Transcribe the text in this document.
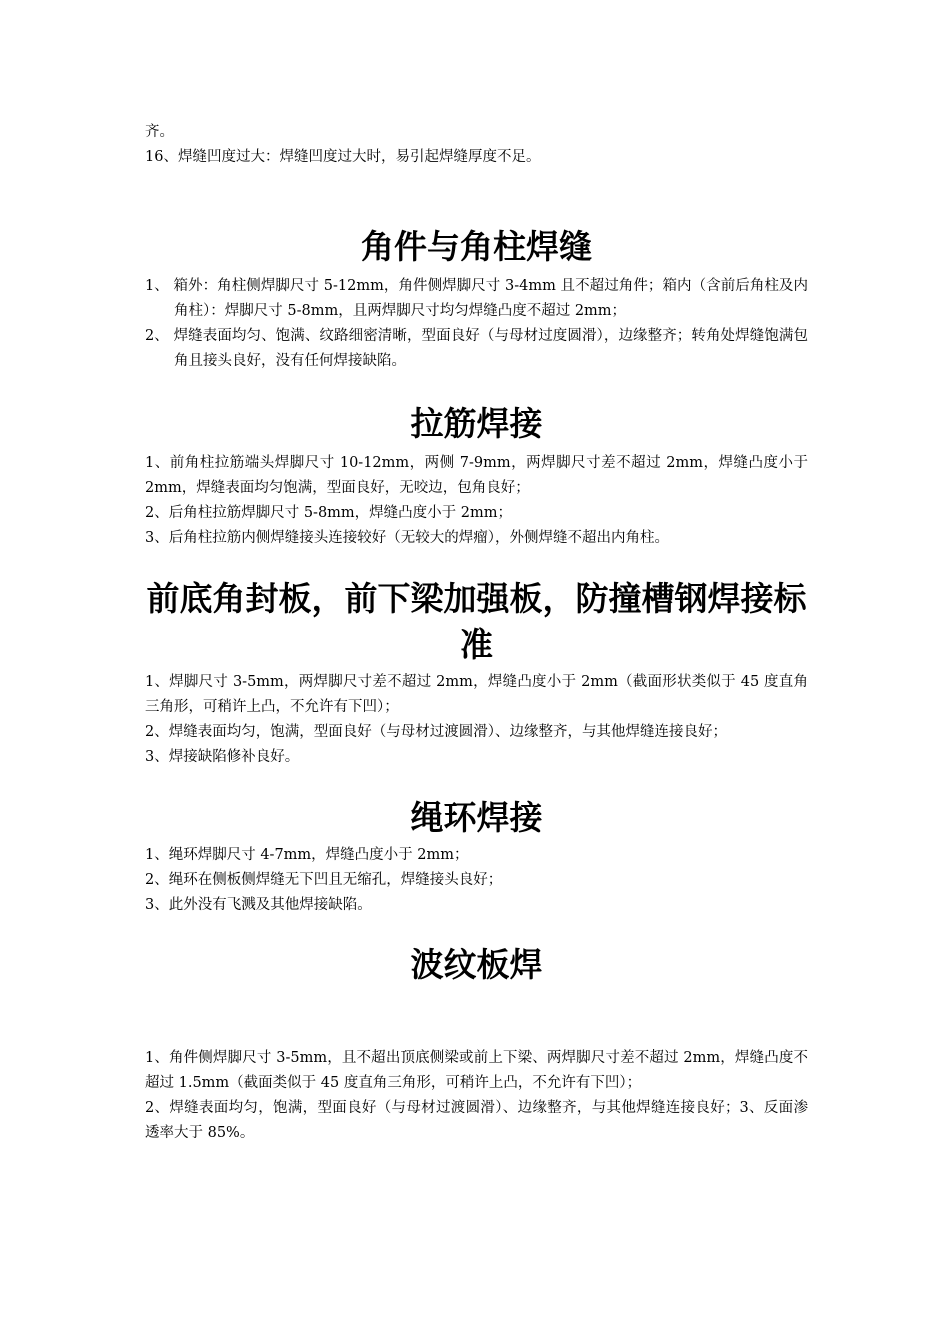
齐。

16、焊缝凹度过大：焊缝凹度过大时，易引起焊缝厚度不足。

角件与角柱焊缝

1、 箱外：角柱侧焊脚尺寸 5-12mm，角件侧焊脚尺寸 3-4mm 且不超过角件；箱内（含前后角柱及内角柱）：焊脚尺寸 5-8mm，且两焊脚尺寸均匀焊缝凸度不超过 2mm；

2、 焊缝表面均匀、饱满、纹路细密清晰，型面良好（与母材过度圆滑），边缘整齐；转角处焊缝饱满包角且接头良好，没有任何焊接缺陷。

拉筋焊接

1、前角柱拉筋端头焊脚尺寸 10-12mm，两侧 7-9mm，两焊脚尺寸差不超过 2mm，焊缝凸度小于 2mm，焊缝表面均匀饱满，型面良好，无咬边，包角良好；

2、后角柱拉筋焊脚尺寸 5-8mm，焊缝凸度小于 2mm；

3、后角柱拉筋内侧焊缝接头连接较好（无较大的焊瘤），外侧焊缝不超出内角柱。

前底角封板，前下梁加强板，防撞槽钢焊接标准

1、焊脚尺寸 3-5mm，两焊脚尺寸差不超过 2mm，焊缝凸度小于 2mm（截面形状类似于 45 度直角三角形，可稍许上凸，不允许有下凹）；

2、焊缝表面均匀，饱满，型面良好（与母材过渡圆滑）、边缘整齐，与其他焊缝连接良好；

3、焊接缺陷修补良好。

绳环焊接

1、绳环焊脚尺寸 4-7mm，焊缝凸度小于 2mm；

2、绳环在侧板侧焊缝无下凹且无缩孔，焊缝接头良好；

3、此外没有飞溅及其他焊接缺陷。

波纹板焊

1、角件侧焊脚尺寸 3-5mm，且不超出顶底侧梁或前上下梁、两焊脚尺寸差不超过 2mm，焊缝凸度不超过 1.5mm（截面类似于 45 度直角三角形，可稍许上凸，不允许有下凹）；

2、焊缝表面均匀，饱满，型面良好（与母材过渡圆滑）、边缘整齐，与其他焊缝连接良好；3、反面渗透率大于 85%。
